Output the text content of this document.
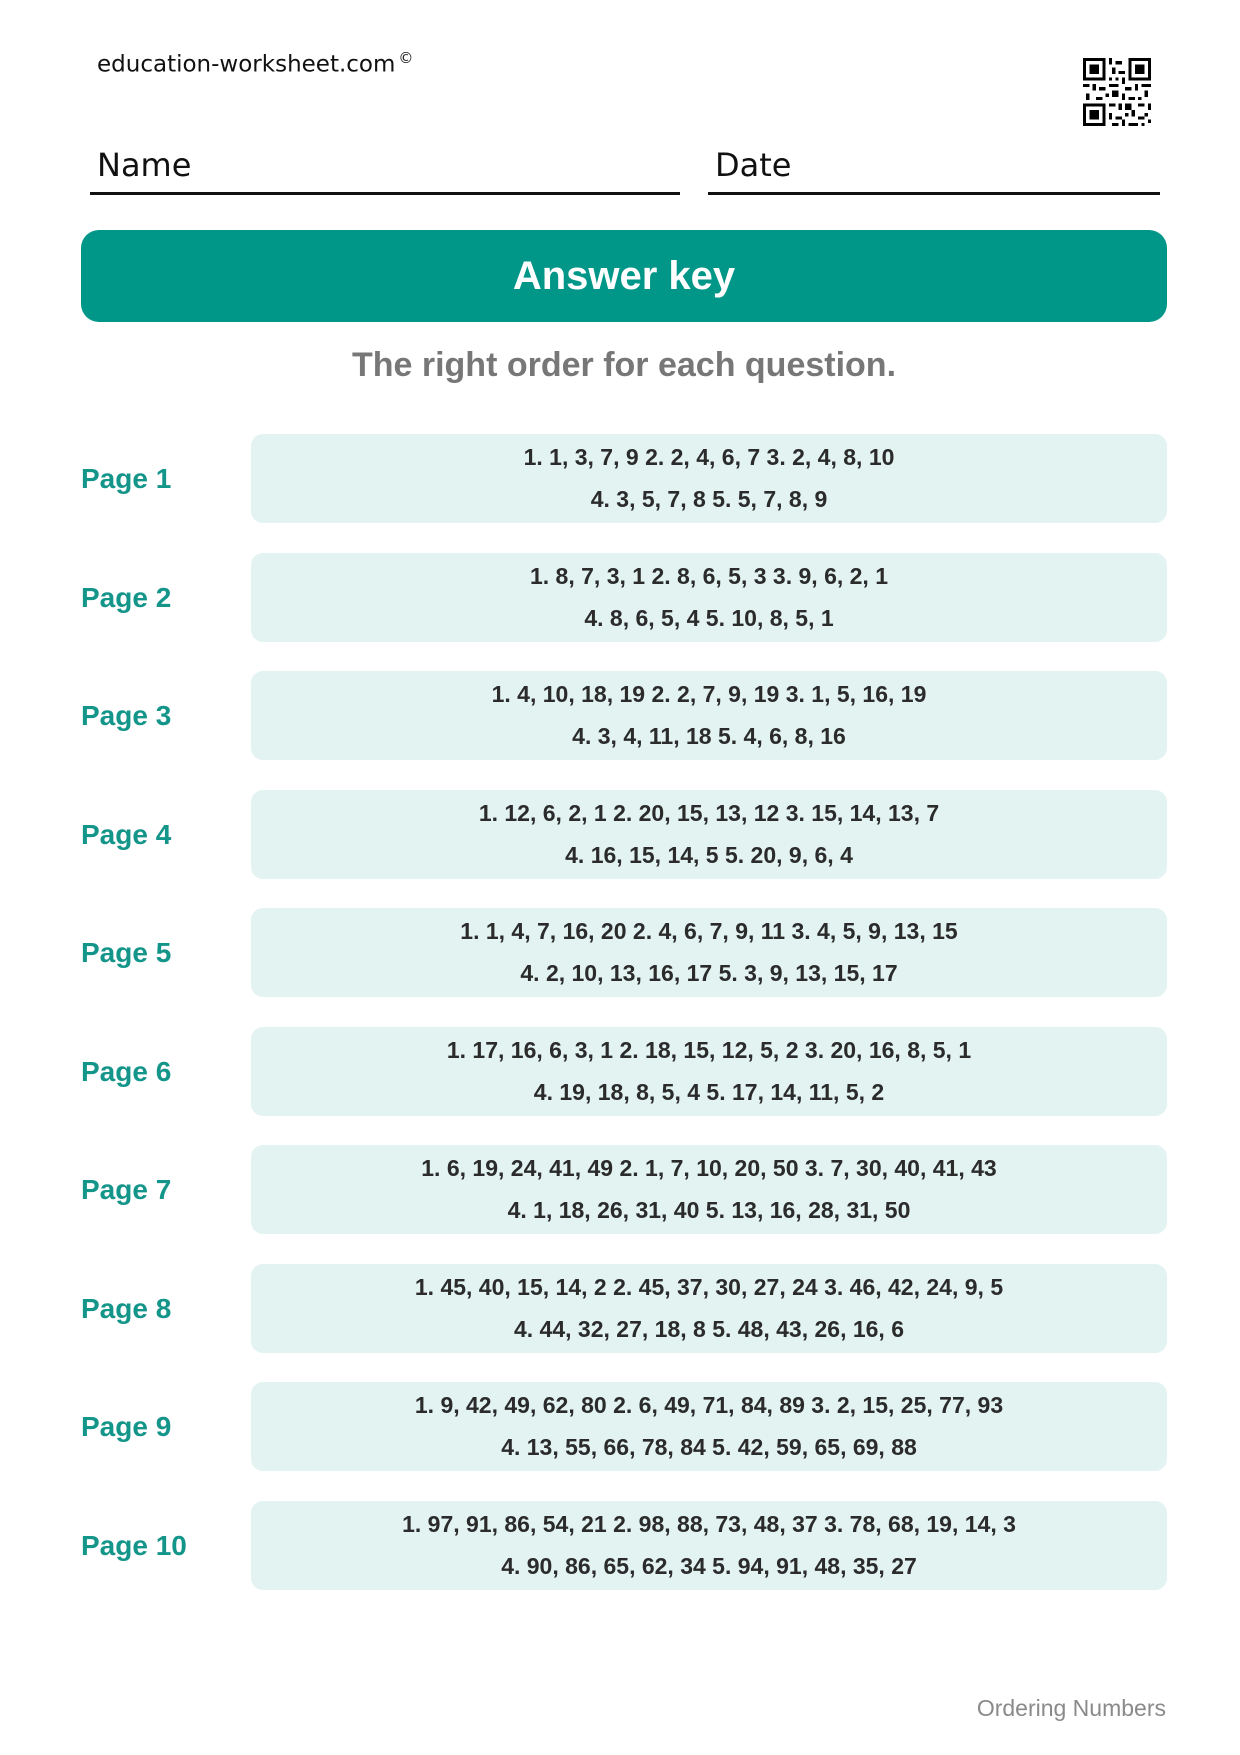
education-worksheet.com ©
Name	Date
Answer key
The right order for each question.
Page 1
1. 1, 3, 7, 9 2. 2, 4, 6, 7 3. 2, 4, 8, 10
4. 3, 5, 7, 8 5. 5, 7, 8, 9
Page 2
1. 8, 7, 3, 1 2. 8, 6, 5, 3 3. 9, 6, 2, 1
4. 8, 6, 5, 4 5. 10, 8, 5, 1
Page 3
1. 4, 10, 18, 19 2. 2, 7, 9, 19 3. 1, 5, 16, 19
4. 3, 4, 11, 18 5. 4, 6, 8, 16
Page 4
1. 12, 6, 2, 1 2. 20, 15, 13, 12 3. 15, 14, 13, 7
4. 16, 15, 14, 5 5. 20, 9, 6, 4
Page 5
1. 1, 4, 7, 16, 20 2. 4, 6, 7, 9, 11 3. 4, 5, 9, 13, 15
4. 2, 10, 13, 16, 17 5. 3, 9, 13, 15, 17
Page 6
1. 17, 16, 6, 3, 1 2. 18, 15, 12, 5, 2 3. 20, 16, 8, 5, 1
4. 19, 18, 8, 5, 4 5. 17, 14, 11, 5, 2
Page 7
1. 6, 19, 24, 41, 49 2. 1, 7, 10, 20, 50 3. 7, 30, 40, 41, 43
4. 1, 18, 26, 31, 40 5. 13, 16, 28, 31, 50
Page 8
1. 45, 40, 15, 14, 2 2. 45, 37, 30, 27, 24 3. 46, 42, 24, 9, 5
4. 44, 32, 27, 18, 8 5. 48, 43, 26, 16, 6
Page 9
1. 9, 42, 49, 62, 80 2. 6, 49, 71, 84, 89 3. 2, 15, 25, 77, 93
4. 13, 55, 66, 78, 84 5. 42, 59, 65, 69, 88
Page 10
1. 97, 91, 86, 54, 21 2. 98, 88, 73, 48, 37 3. 78, 68, 19, 14, 3
4. 90, 86, 65, 62, 34 5. 94, 91, 48, 35, 27
Ordering Numbers
